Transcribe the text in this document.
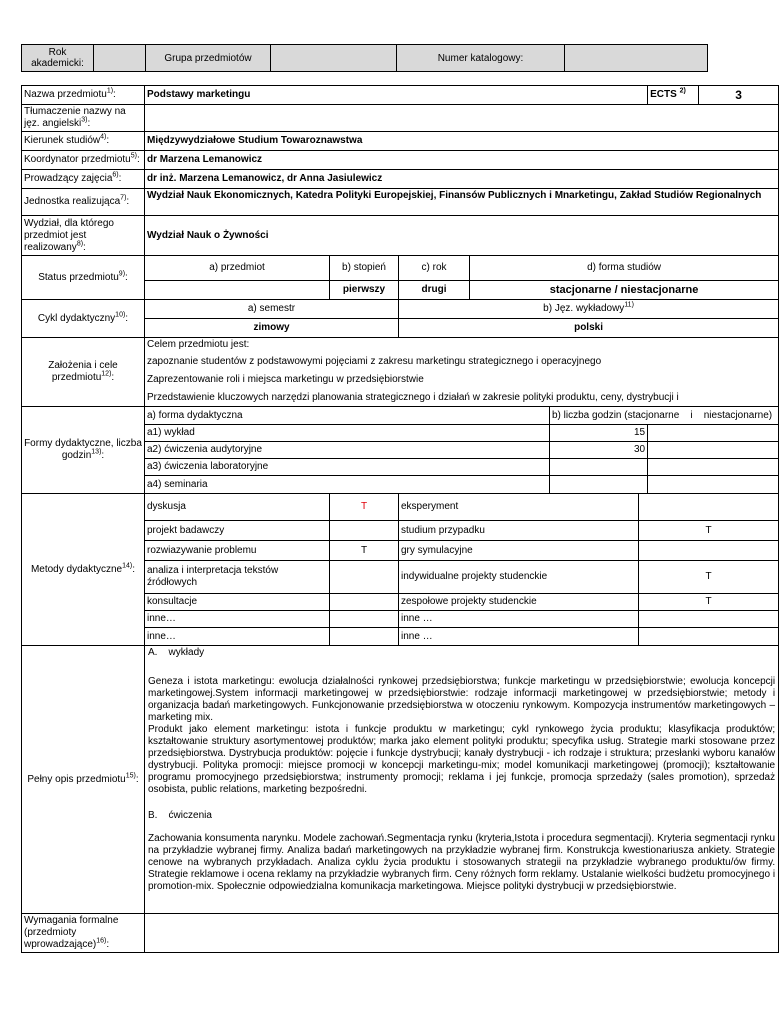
Rok akademicki:		Grupa przedmiotów		Numer katalogowy:	
Nazwa przedmiotu$^{1)}$:	Podstawy marketingu						ECTS $^{2)}$	3
Tłumaczenie nazwy na jęz. angielski$^{3)}$:								
Kierunek studiów$^{4)}$:	Międzywydziałowe Studium Towaroznawstwa							
Koordynator przedmiotu$^{5)}$:	dr Marzena Lemanowicz							
Prowadzący zajęcia$^{6)}$:	dr inż. Marzena Lemanowicz, dr Anna Jasiulewicz							
Jednostka realizująca$^{7)}$:	Wydział Nauk Ekonomicznych, Katedra Polityki Europejskiej, Finansów Publicznych i Mnarketingu, Zakład Studiów Regionalnych							
Wydział, dla którego przedmiot jest realizowany$^{8)}$:	Wydział Nauk o Żywności							
Status przedmiotu$^{9)}$:	a) przedmiot	b) stopień	c) rok	d) forma studiów				
		pierwszy	drugi	stacjonarne / niestacjonarne				
Cykl dydaktyczny$^{10)}$:	a) semestr		b) Jęz. wykładowy$^{11)}$
	zimowy		polski					
Założenia i cele przedmiotu$^{12)}$:	Celem przedmiotu jest:
zapoznanie studentów z podstawowymi pojęciami z zakresu marketingu strategicznego i operacyjnego
Zaprezentowanie roli i miejsca marketingu w przedsiębiorstwie
Przedstawienie kluczowych narzędzi planowania strategicznego i działań w zakresie polityki produktu, ceny, dystrybucji i							

Formy dydaktyczne, liczba godzin$^{13)}$:	a) forma dydaktyczna				b) liczba godzin (stacjonarne    i    niestacjonarne)			
	a1) wykład				15			
	a2) ćwiczenia audytoryjne				30			
	a3) ćwiczenia laboratoryjne							
	a4) seminaria							
Metody dydaktyczne$^{14)}$:	dyskusja	T	eksperyment					
	projekt badawczy		studium przypadku			T		
	rozwiazywanie problemu	T	gry symulacyjne					
	analiza i interpretacja tekstów źródłowych		indywidualne projekty studenckie			T		
	konsultacje		zespołowe projekty studenckie			T		
	inne…		inne …					
	inne…		inne …					
Pełny opis przedmiotu$^{15)}$:	A.    wykłady

Geneza i istota marketingu: ewolucja działalności rynkowej przedsiębiorstwa; funkcje marketingu w przedsiębiorstwie; ewolucja koncepcji marketingowej.System informacji marketingowej w przedsiębiorstwie: rodzaje informacji marketingowej w przedsiębiorstwie; metody i organizacja badań marketingowych. Funkcjonowanie przedsiębiorstwa w otoczeniu rynkowym. Kompozycja instrumentów marketingowych – marketing mix.

Produkt jako element marketingu: istota i funkcje produktu w marketingu; cykl rynkowego życia produktu; klasyfikacja produktów; kształtowanie struktury asortymentowej produktów; marka jako element polityki produktu; specyfika usług. Strategie marki stosowane przez przedsiębiorstwa. Dystrybucja produktów: pojęcie i funkcje dystrybucji; kanały dystrybucji - ich rodzaje i struktura; przesłanki wyboru kanałów dystrybucji. Polityka promocji: miejsce promocji w koncepcji marketingu-mix; model komunikacji marketingowej (promocji); kształtowanie programu promocyjnego przedsiębiorstwa; instrumenty promocji; reklama i jej funkcje, promocja sprzedaży (sales promotion), sprzedaż osobista, public relations, marketing bezpośredni.

B.    ćwiczenia

Zachowania konsumenta narynku. Modele zachowań.Segmentacja rynku (kryteria,Istota i procedura segmentacji). Kryteria segmentacji rynku na przykładzie wybranej firmy. Analiza badań marketingowych na przykładzie wybranej firm. Konstrukcja kwestionariusza ankiety. Strategie cenowe na wybranych przykładach. Analiza cyklu życia produktu i stosowanych strategii na przykładzie wybranego produktu/ów firmy. Strategie reklamowe i ocena reklamy na przykładzie wybranych firm. Ceny różnych form reklamy. Ustalanie wielkości budżetu promocyjnego i promotion-mix. Społecznie odpowiedzialna komunikacja marketingowa. Miejsce polityki dystrybucji w przedsiębiorstwie.							

Wymagania formalne (przedmioty wprowadzające)$^{16)}$:								
